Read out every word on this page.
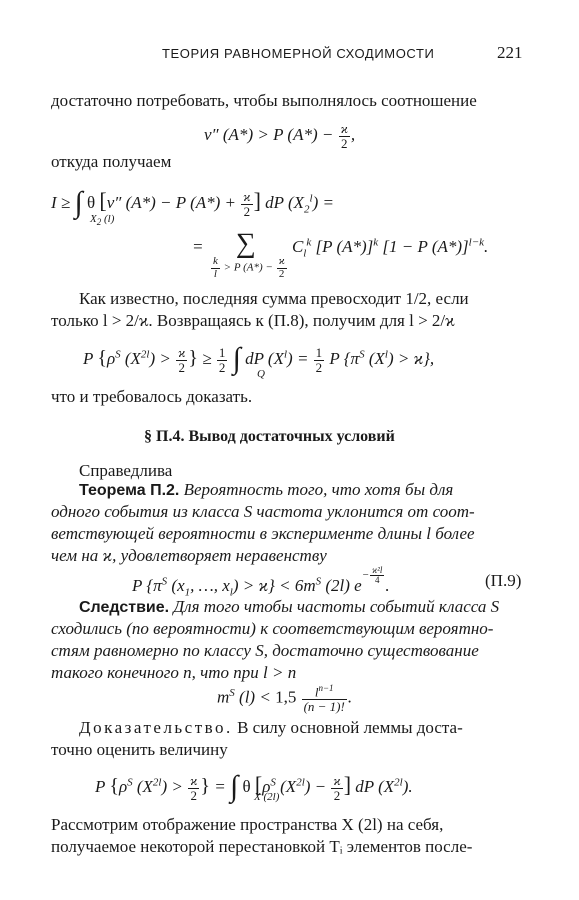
ТЕОРИЯ РАВНОМЕРНОЙ СХОДИМОСТИ	221
достаточно потребовать, чтобы выполнялось соотношение
ν″ (A*) > P $(A*) - \frac{ϰ}{2}$ ,
откуда получаем
I ≥ ∫ θ [ν″ (A*) − P $(A*) + \frac{ϰ}{2}$ ] dP $(X_2^l)$ =
$X_2$ (l)
= ∑ $C_l^k$ [P (A*)]$^k$ [1 − P (A*)]$^{l-k}$.
$\frac{k}{l} > P$ $(A*) - \frac{ϰ}{2}$
Как известно, последняя сумма превосходит 1/2, если
только l > 2/ϰ. Возвращаясь к (П.8), получим для l > 2/ϰ
P {$\rho^S$ $(X^{2l}) > \frac{ϰ}{2}$ } ≥ $\frac{1}{2}$ ∫ dP $(X^l) = \frac{1}{2}$ P {$\pi^S$ $(X^l) > ϰ$},
Q
что и требовалось доказать.
§ П.4. Вывод достаточных условий
Справедлива
Теорема П.2. Вероятность того, что хотя бы для
одного события из класса S частота уклонится от соот-
ветствующей вероятности в эксперименте длины l более
чем на ϰ, удовлетворяет неравенству
P {$\pi^S$ ($x_1$, …, $x_l) > ϰ\} < 6m^S$ (2l) $e^{- \frac{\text{ϰ²l}}{4}}$ .	(П.9)
Следствие. Для того чтобы частоты событий класса S
сходились (по вероятности) к соответствующим вероятно-
стям равномерно по классу S, достаточно существование
такого конечного n, что при l > n
$m^S$ $(l) < 1,5 \frac{l^{n-1}}{(n - 1)!}$ .
Доказательство. В силу основной леммы доста-
точно оценить величину
P {$\rho^S$ $(X^{2l}) > \frac{ϰ}{2}$ } = ∫ θ [$\rho^S$ $(X^{2l}) - \frac{ϰ}{2}$ ] dP $(X^{2l})$.
X (2l)
Рассмотрим отображение пространства X (2l) на себя,
получаемое некоторой перестановкой Tᵢ элементов после-
